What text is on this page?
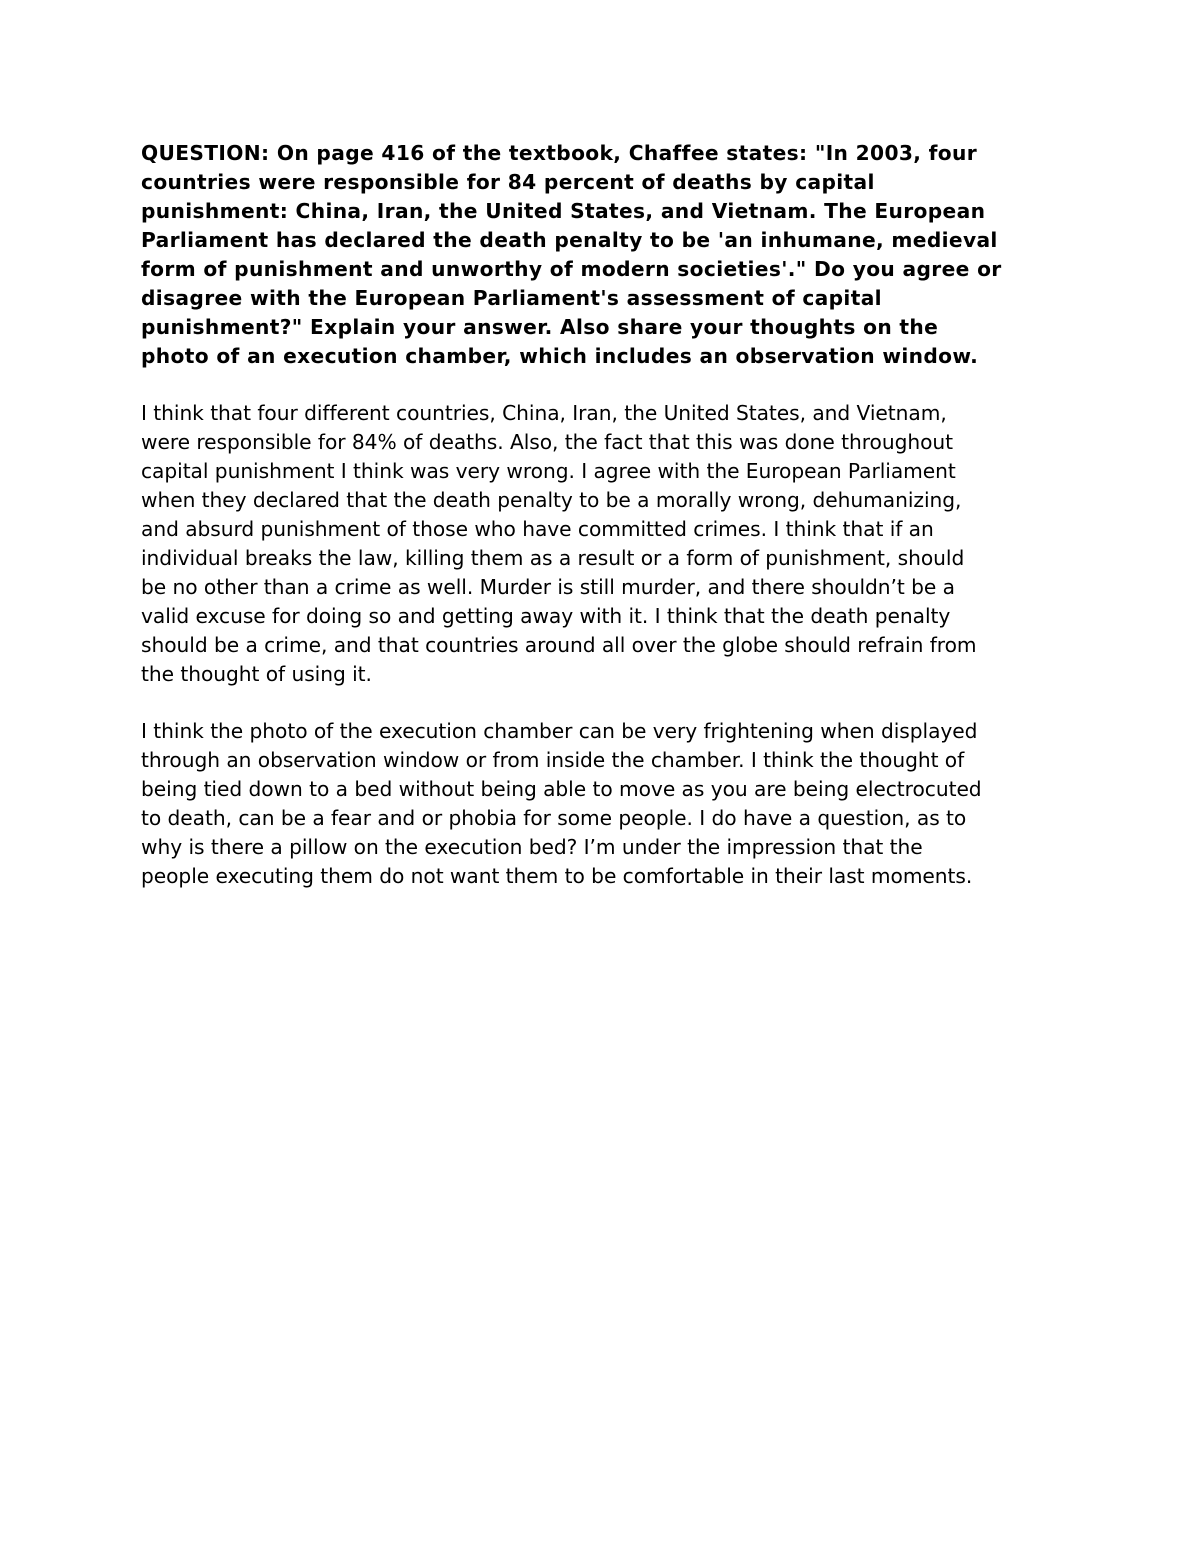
QUESTION: On page 416 of the textbook, Chaffee states: "In 2003, four
countries were responsible for 84 percent of deaths by capital
punishment: China, Iran, the United States, and Vietnam. The European
Parliament has declared the death penalty to be 'an inhumane, medieval
form of punishment and unworthy of modern societies'." Do you agree or
disagree with the European Parliament's assessment of capital
punishment?" Explain your answer. Also share your thoughts on the
photo of an execution chamber, which includes an observation window.
I think that four different countries, China, Iran, the United States, and Vietnam,
were responsible for 84% of deaths. Also, the fact that this was done throughout
capital punishment I think was very wrong. I agree with the European Parliament
when they declared that the death penalty to be a morally wrong, dehumanizing,
and absurd punishment of those who have committed crimes. I think that if an
individual breaks the law, killing them as a result or a form of punishment, should
be no other than a crime as well. Murder is still murder, and there shouldn’t be a
valid excuse for doing so and getting away with it. I think that the death penalty
should be a crime, and that countries around all over the globe should refrain from
the thought of using it.
I think the photo of the execution chamber can be very frightening when displayed
through an observation window or from inside the chamber. I think the thought of
being tied down to a bed without being able to move as you are being electrocuted
to death, can be a fear and or phobia for some people. I do have a question, as to
why is there a pillow on the execution bed? I’m under the impression that the
people executing them do not want them to be comfortable in their last moments.
